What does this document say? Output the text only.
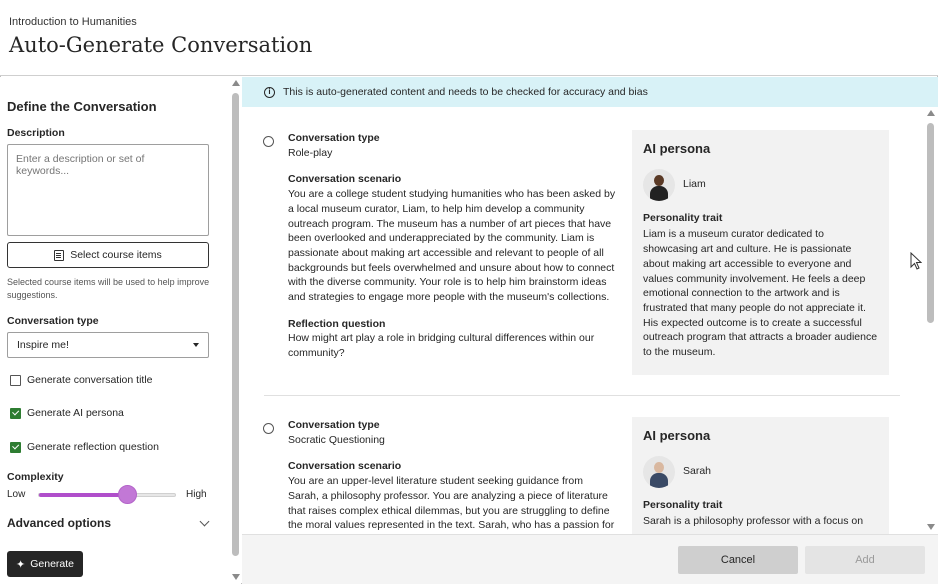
Introduction to Humanities
Auto-Generate Conversation
Define the Conversation
Description
Enter a description or set of keywords...
Select course items
Selected course items will be used to help improve suggestions.
Conversation type
Inspire me!
Generate conversation title
Generate AI persona
Generate reflection question
Complexity
Low	High
Advanced options
✦ Generate
i	This is auto-generated content and needs to be checked for accuracy and bias
Conversation type
Role-play
Conversation scenario
You are a college student studying humanities who has been asked by a local museum curator, Liam, to help him develop a community outreach program. The museum has a number of art pieces that have been overlooked and underappreciated by the community. Liam is passionate about making art accessible and relevant to people of all backgrounds but feels overwhelmed and unsure about how to connect with the diverse community. Your role is to help him brainstorm ideas and strategies to engage more people with the museum's collections.
Reflection question
How might art play a role in bridging cultural differences within our community?
AI persona
Liam
Personality trait
Liam is a museum curator dedicated to showcasing art and culture. He is passionate about making art accessible to everyone and values community involvement. He feels a deep emotional connection to the artwork and is frustrated that many people do not appreciate it. His expected outcome is to create a successful outreach program that attracts a broader audience to the museum.
Conversation type
Socratic Questioning
Conversation scenario
You are an upper-level literature student seeking guidance from Sarah, a philosophy professor. You are analyzing a piece of literature that raises complex ethical dilemmas, but you are struggling to define the moral values represented in the text. Sarah, who has a passion for
AI persona
Sarah
Personality trait
Sarah is a philosophy professor with a focus on
Cancel	Add
